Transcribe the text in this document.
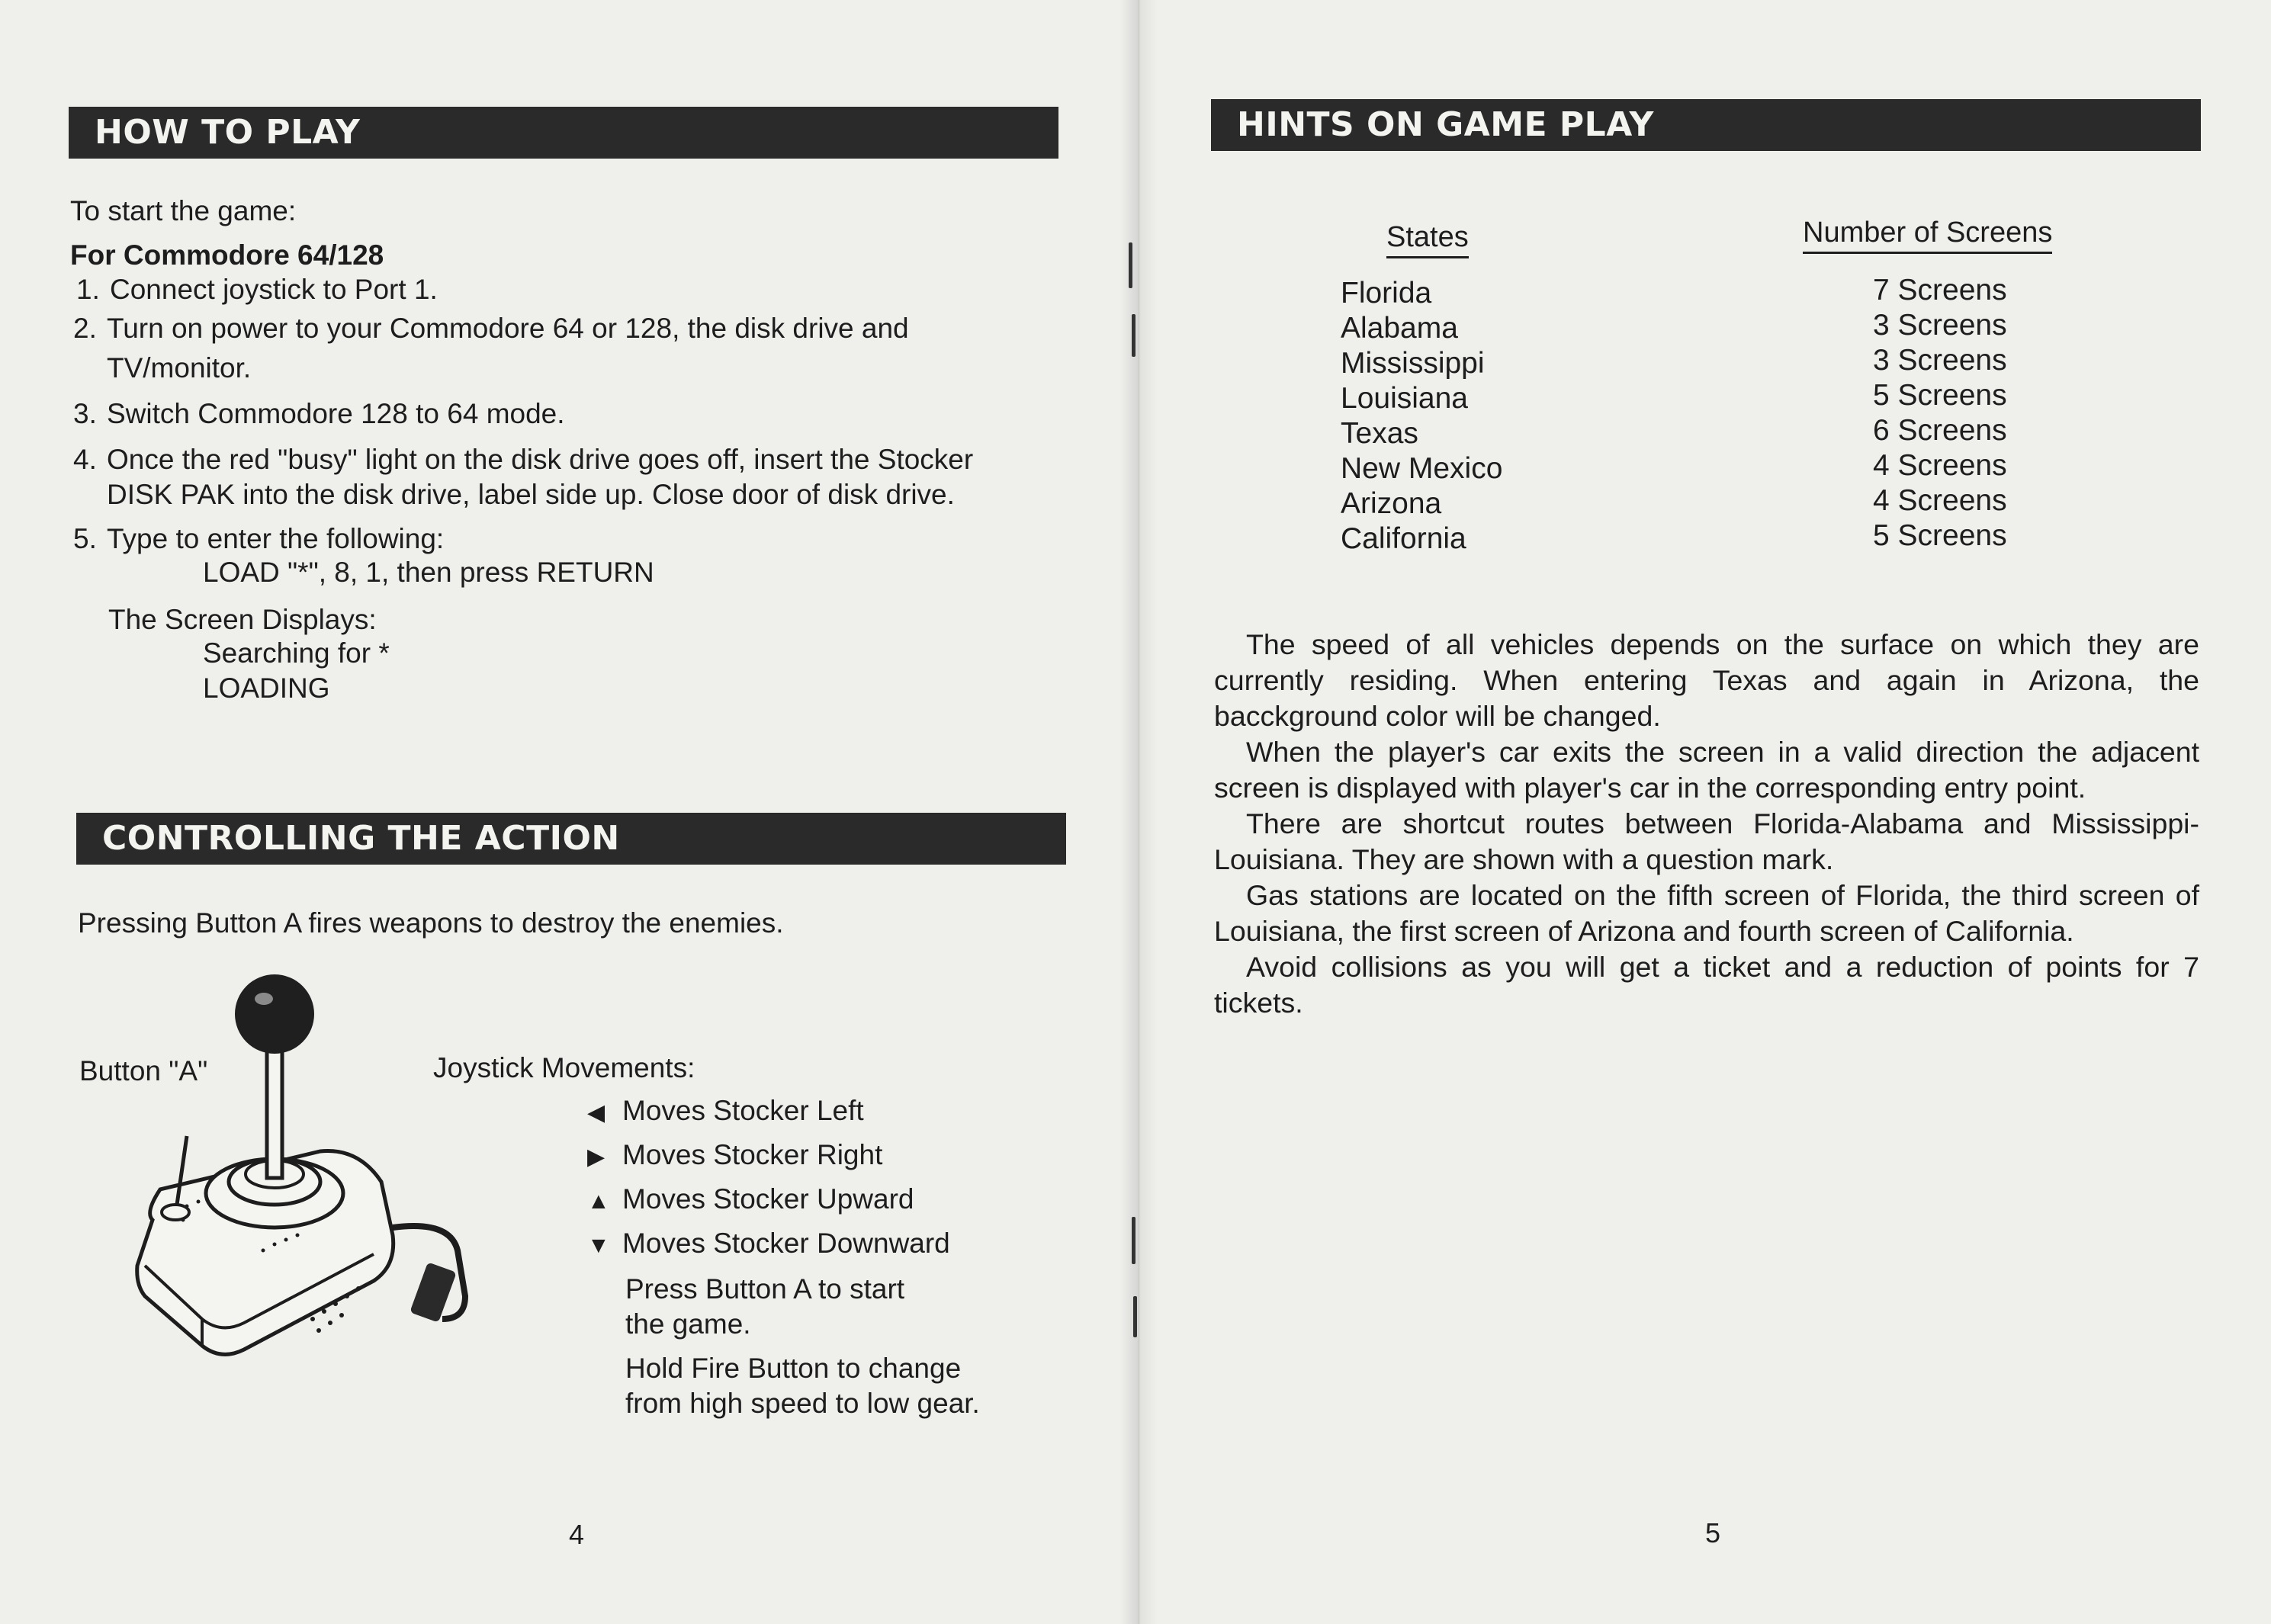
HOW TO PLAY
To start the game:
For Commodore 64/128
1. Connect joystick to Port 1.
2. Turn on power to your Commodore 64 or 128, the disk drive and
TV/monitor.
3. Switch Commodore 128 to 64 mode.
4. Once the red "busy" light on the disk drive goes off, insert the Stocker
DISK PAK into the disk drive, label side up. Close door of disk drive.
5. Type to enter the following:
LOAD "*", 8, 1, then press RETURN
The Screen Displays:
Searching for *
LOADING
CONTROLLING THE ACTION
Pressing Button A fires weapons to destroy the enemies.
Button "A"	Joystick Movements:
◀ Moves Stocker Left
▶ Moves Stocker Right
▲ Moves Stocker Upward
▼ Moves Stocker Downward
Press Button A to start
the game.
Hold Fire Button to change
from high speed to low gear.
4
HINTS ON GAME PLAY
States	Number of Screens
Florida
Alabama
Mississippi
Louisiana
Texas
New Mexico
Arizona
California
7 Screens
3 Screens
3 Screens
5 Screens
6 Screens
4 Screens
4 Screens
5 Screens

The speed of all vehicles depends on the surface on which they are currently residing. When entering Texas and again in Arizona, the bacckground color will be changed.

When the player's car exits the screen in a valid direction the adjacent screen is displayed with player's car in the corresponding entry point.

There are shortcut routes between Florida-Alabama and Mississippi-Louisiana. They are shown with a question mark.

Gas stations are located on the fifth screen of Florida, the third screen of Louisiana, the first screen of Arizona and fourth screen of California.

Avoid collisions as you will get a ticket and a reduction of points for 7 tickets.

5
